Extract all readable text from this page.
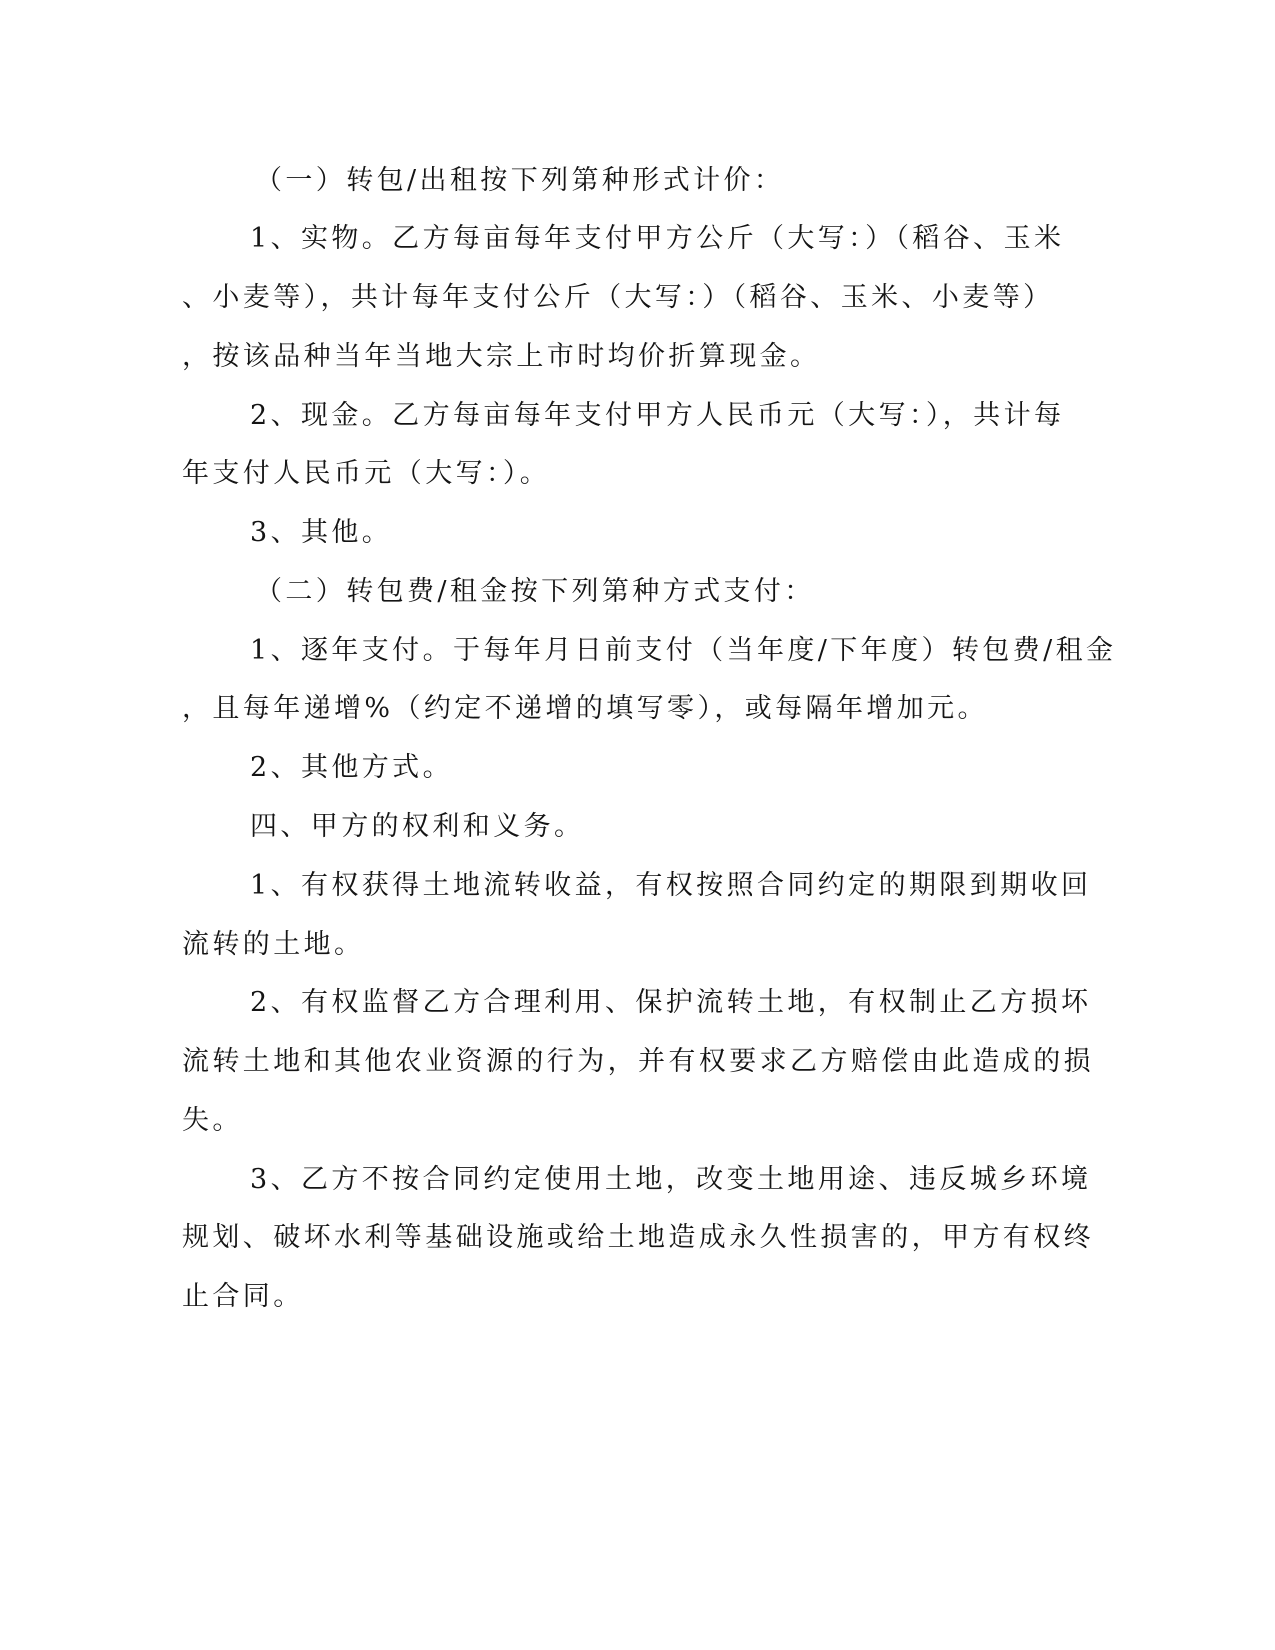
（一）转包/出租按下列第种形式计价：
1、实物。乙方每亩每年支付甲方公斤（大写：）（稻谷、玉米
、小麦等），共计每年支付公斤（大写：）（稻谷、玉米、小麦等）
，按该品种当年当地大宗上市时均价折算现金。
2、现金。乙方每亩每年支付甲方人民币元（大写：），共计每
年支付人民币元（大写：）。
3、其他。
（二）转包费/租金按下列第种方式支付：
1、逐年支付。于每年月日前支付（当年度/下年度）转包费/租金
，且每年递增%（约定不递增的填写零），或每隔年增加元。
2、其他方式。
四、甲方的权利和义务。
1、有权获得土地流转收益，有权按照合同约定的期限到期收回
流转的土地。
2、有权监督乙方合理利用、保护流转土地，有权制止乙方损坏
流转土地和其他农业资源的行为，并有权要求乙方赔偿由此造成的损
失。
3、乙方不按合同约定使用土地，改变土地用途、违反城乡环境
规划、破坏水利等基础设施或给土地造成永久性损害的，甲方有权终
止合同。
